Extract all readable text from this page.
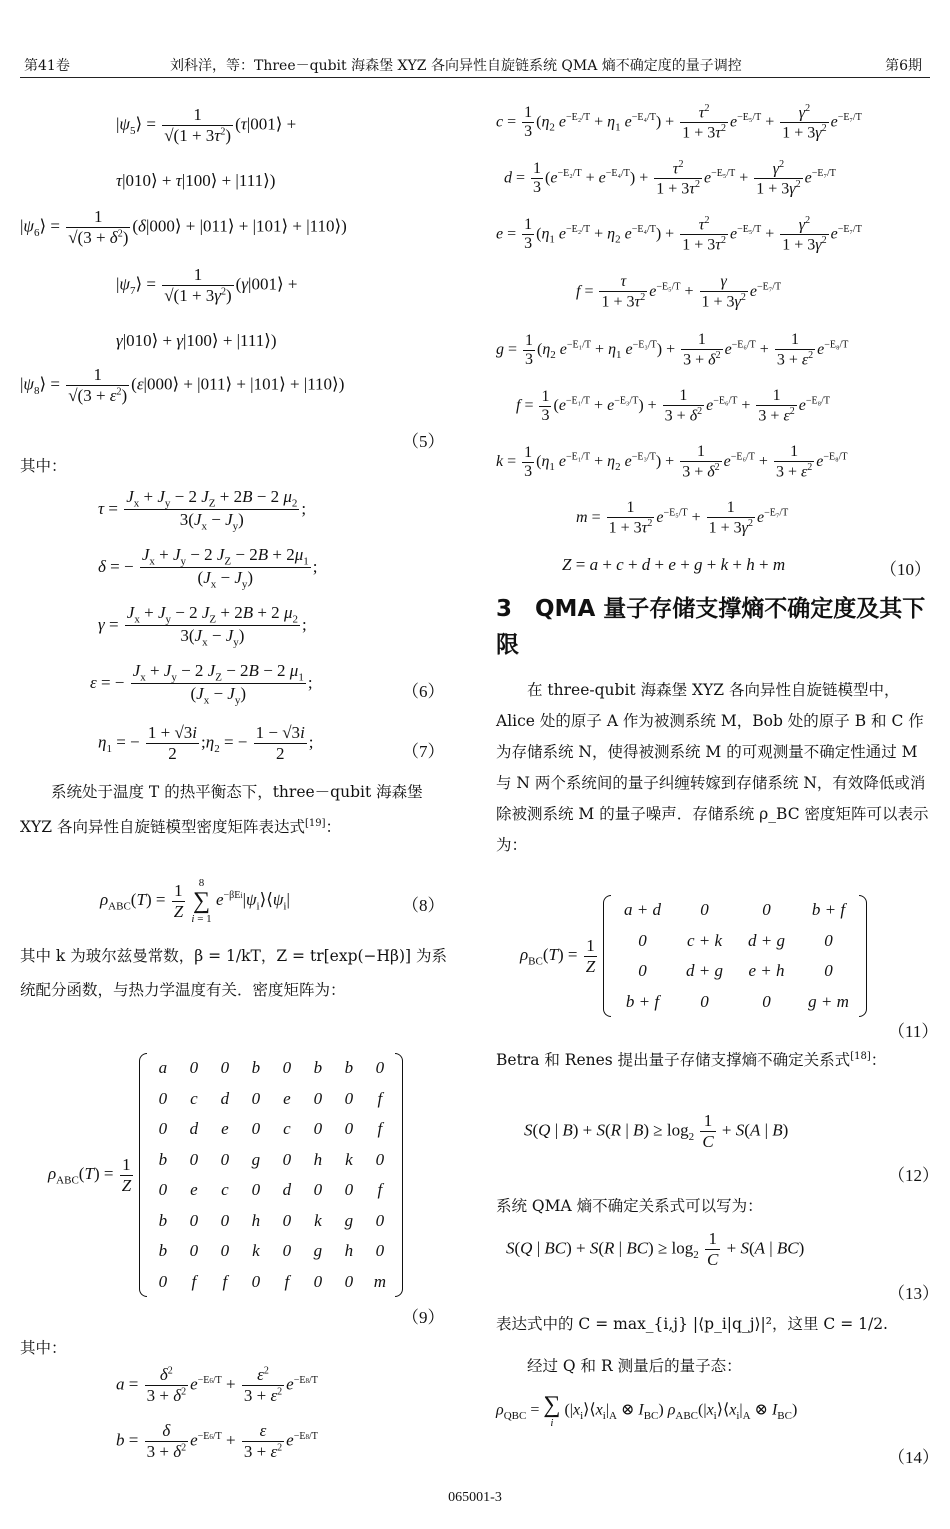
第41卷	刘科洋，等：Three－qubit 海森堡 XYZ 各向异性自旋链系统 QMA 熵不确定度的量子调控	第6期
$|\psi_5⟩ = \frac{1}{√(1 + 3\tau^2)}$ (τ|001⟩ +
τ|010⟩ + τ|100⟩ + |111⟩)
$|\psi_6⟩ = \frac{1}{√(3 + \delta^2)}$ (δ|000⟩ + |011⟩ + |101⟩ + |110⟩)
$|\psi_7⟩ = \frac{1}{√(1 + 3\gamma^2)}$ (γ|001⟩ +
γ|010⟩ + γ|100⟩ + |111⟩)
$|\psi_8⟩ = \frac{1}{√(3 + \varepsilon^2)}$ (ε|000⟩ + |011⟩ + |101⟩ + |110⟩)
（5）
其中：
$\tau = \frac{J_x + J_y - 2 J_Z + 2B - 2 \mu_2}{3(J_x - J_y)}$ ;
δ = − $\frac{J_x + J_y - 2 J_Z - 2B + 2\mu_1}{(J_x - J_y)}$ ;
$\gamma = \frac{J_x + J_y - 2 J_Z + 2B + 2 \mu_2}{3(J_x - J_y)}$ ;
ε = − $\frac{J_x + J_y - 2 J_Z - 2B - 2 \mu_1}{(J_x - J_y)}$ ;	（6）
$\eta_1$ = − $\frac{1 + √3i}{2}$ $;\eta_2$ = − $\frac{1 - √3i}{2}$ ;
（7）
系统处于温度 T 的热平衡态下，three－qubit 海森堡 XYZ 各向异性自旋链模型密度矩阵表达式[19]：
$\rho_{ABC}(T) = \frac{1}{Z} 8$
∑
i = 1 $e^{-\beta Ei}|\psi_i⟩⟨\psi_i|$	（8）
其中 k 为玻尔兹曼常数，β = 1/kT，Z = tr[exp(−Hβ)] 为系统配分函数，与热力学温度有关．密度矩阵为：
$\rho_{ABC}(T) = \frac{1}{Z}$

a	0	0	b	0	b	b	0
0	c	d	0	e	0	0	f
0	d	e	0	c	0	0	f
b	0	0	g	0	h	k	0
0	e	c	0	d	0	0	f
b	0	0	h	0	k	g	0
b	0	0	k	0	g	h	0
0	f	f	0	f	0	0	m
（9）
其中：
$a = \frac{\delta^2}{3 + \delta^2} e^{-E6/T} + \frac{\varepsilon^2}{3 + \varepsilon^2} e^{-E8/T}$
$b = \frac{\delta}{3 + \delta^2} e^{-E6/T} + \frac{\varepsilon}{3 + \varepsilon^2} e^{-E8/T}$
$c = \frac{1}{3} (\eta_2$ $e^{-E_2/T} + \eta_1$ $e^{-E_4/T}) + \frac{\tau^2}{1 + 3\tau^2} e^{-E_5/T} + \frac{\gamma^2}{1 + 3\gamma^2} e^{-E_7/T}$
$d = \frac{1}{3} (e^{-E_2/T} + e^{-E_4/T}) + \frac{\tau^2}{1 + 3\tau^2} e^{-E_5/T} + \frac{\gamma^2}{1 + 3\gamma^2} e^{-E_7/T}$
$e = \frac{1}{3} (\eta_1$ $e^{-E_2/T} + \eta_2$ $e^{-E_4/T}) + \frac{\tau^2}{1 + 3\tau^2} e^{-E_5/T} + \frac{\gamma^2}{1 + 3\gamma^2} e^{-E_7/T}$
$f = \frac{\tau}{1 + 3\tau^2} e^{-E_5/T} + \frac{\gamma}{1 + 3\gamma^2} e^{-E_7/T}$
$g = \frac{1}{3} (\eta_2$ $e^{-E_1/T} + \eta_1$ $e^{-E_3/T}) + \frac{1}{3 + \delta^2} e^{-E_6/T} + \frac{1}{3 + \varepsilon^2} e^{-E_8/T}$
$f = \frac{1}{3} (e^{-E_1/T} + e^{-E_3/T}) + \frac{1}{3 + \delta^2} e^{-E_6/T} + \frac{1}{3 + \varepsilon^2} e^{-E_8/T}$
$k = \frac{1}{3} (\eta_1$ $e^{-E_1/T} + \eta_2$ $e^{-E_3/T}) + \frac{1}{3 + \delta^2} e^{-E_6/T} + \frac{1}{3 + \varepsilon^2} e^{-E_8/T}$
$m = \frac{1}{1 + 3\tau^2} e^{-E_5/T} + \frac{1}{1 + 3\gamma^2} e^{-E_7/T}$
Z = a + c + d + e + g + k + h + m	（10）
3　QMA 量子存储支撑熵不确定度及其下限
在 three-qubit 海森堡 XYZ 各向异性自旋链模型中，Alice 处的原子 A 作为被测系统 M，Bob 处的原子 B 和 C 作为存储系统 N，使得被测系统 M 的可观测量不确定性通过 M 与 N 两个系统间的量子纠缠转嫁到存储系统 N，有效降低或消除被测系统 M 的量子噪声．存储系统 ρ_BC 密度矩阵可以表示为：
$\rho_{BC}(T) = \frac{1}{Z}$

a + d	0	0	b + f
0	c + k	d + g	0
0	d + g	e + h	0
b + f	0	0	g + m
（11）
Betra 和 Renes 提出量子存储支撑熵不确定关系式[18]：
S(Q | B) + S(R | $B) \ge \log_2 \frac{1}{C} + S(A$ | B)
（12）
系统 QMA 熵不确定关系式可以写为：
S(Q | BC) + S(R | $BC) \ge \log_2 \frac{1}{C} + S(A$ | BC)
（13）
表达式中的 C = max_{i,j} |⟨p_i|q_j⟩|²，这里 C = 1/2.
经过 Q 和 R 测量后的量子态：
$\rho_{QBC}$ = ∑
i ($|x_i⟩⟨x_i|_A$ ⊗ $I_{BC}$) $\rho_{ABC}(|x_i⟩⟨x_i|_A$ ⊗ $I_{BC}$)
（14）
065001-3
